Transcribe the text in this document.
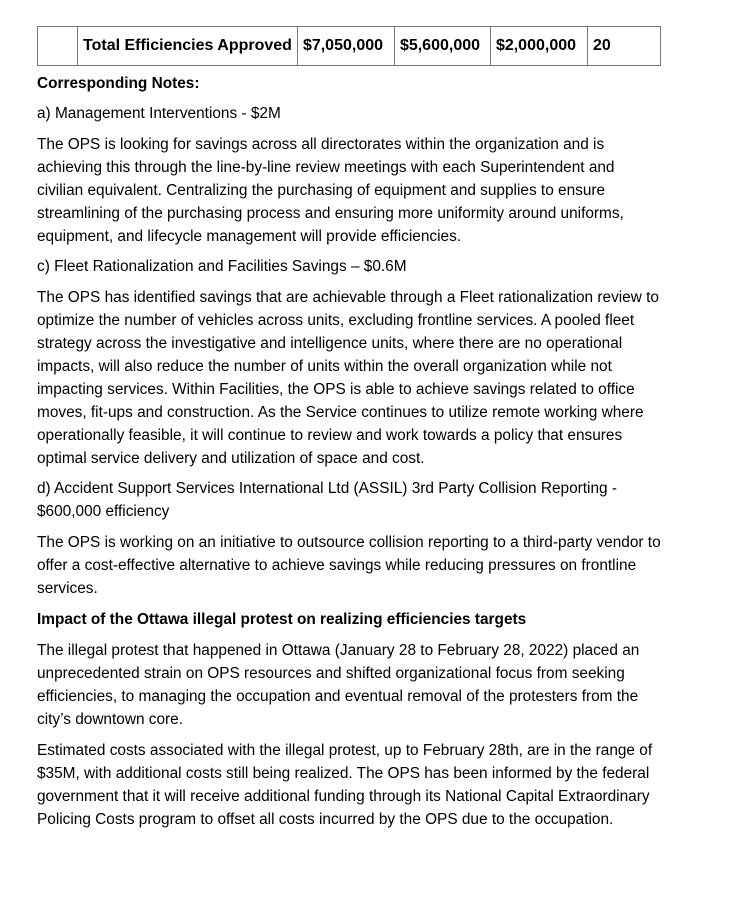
	Total Efficiencies Approved	$7,050,000	$5,600,000	$2,000,000	20

Corresponding Notes:

a) Management Interventions - $2M

The OPS is looking for savings across all directorates within the organization and is achieving this through the line-by-line review meetings with each Superintendent and civilian equivalent. Centralizing the purchasing of equipment and supplies to ensure streamlining of the purchasing process and ensuring more uniformity around uniforms, equipment, and lifecycle management will provide efficiencies.

c) Fleet Rationalization and Facilities Savings – $0.6M

The OPS has identified savings that are achievable through a Fleet rationalization review to optimize the number of vehicles across units, excluding frontline services. A pooled fleet strategy across the investigative and intelligence units, where there are no operational impacts, will also reduce the number of units within the overall organization while not impacting services. Within Facilities, the OPS is able to achieve savings related to office moves, fit-ups and construction. As the Service continues to utilize remote working where operationally feasible, it will continue to review and work towards a policy that ensures optimal service delivery and utilization of space and cost.

d) Accident Support Services International Ltd (ASSIL) 3rd Party Collision Reporting - $600,000 efficiency

The OPS is working on an initiative to outsource collision reporting to a third-party vendor to offer a cost-effective alternative to achieve savings while reducing pressures on frontline services.

Impact of the Ottawa illegal protest on realizing efficiencies targets

The illegal protest that happened in Ottawa (January 28 to February 28, 2022) placed an unprecedented strain on OPS resources and shifted organizational focus from seeking efficiencies, to managing the occupation and eventual removal of the protesters from the city’s downtown core.

Estimated costs associated with the illegal protest, up to February 28th, are in the range of $35M, with additional costs still being realized. The OPS has been informed by the federal government that it will receive additional funding through its National Capital Extraordinary Policing Costs program to offset all costs incurred by the OPS due to the occupation.
